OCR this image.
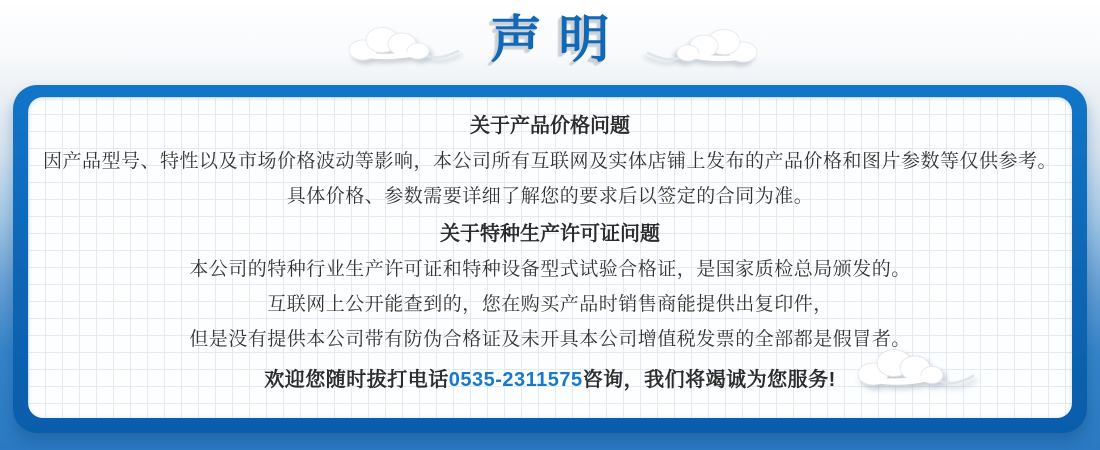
声 明
关于产品价格问题

因产品型号、特性以及市场价格波动等影响，本公司所有互联网及实体店铺上发布的产品价格和图片参数等仅供参考。

具体价格、参数需要详细了解您的要求后以签定的合同为准。

关于特种生产许可证问题

本公司的特种行业生产许可证和特种设备型式试验合格证，是国家质检总局颁发的。

互联网上公开能查到的，您在购买产品时销售商能提供出复印件，

但是没有提供本公司带有防伪合格证及未开具本公司增值税发票的全部都是假冒者。

欢迎您随时拔打电话0535-2311575咨询，我们将竭诚为您服务!
